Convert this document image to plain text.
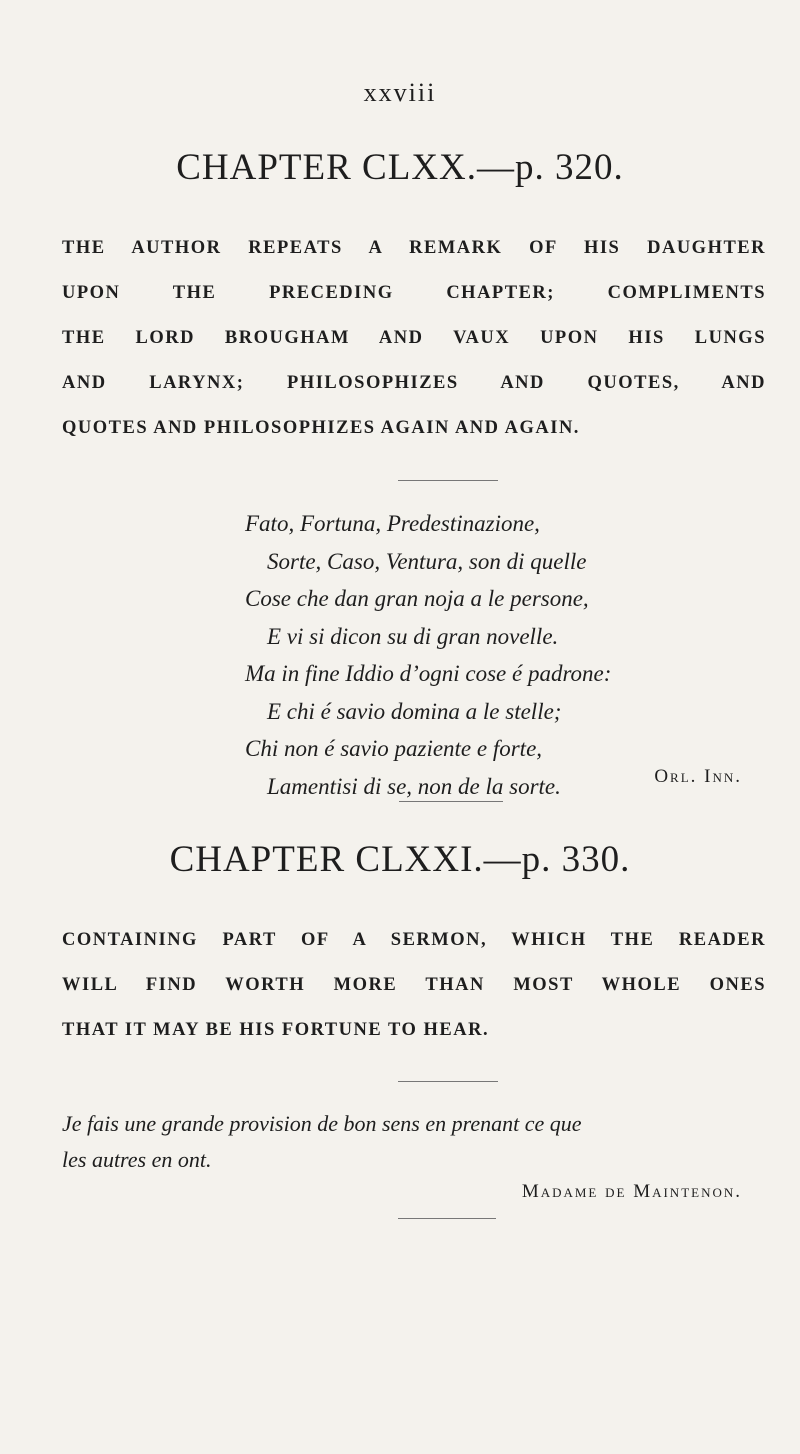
xxviii
CHAPTER CLXX.—p. 320.
THE AUTHOR REPEATS A REMARK OF HIS DAUGHTER
UPON THE PRECEDING CHAPTER; COMPLIMENTS
THE LORD BROUGHAM AND VAUX UPON HIS LUNGS
AND LARYNX; PHILOSOPHIZES AND QUOTES, AND
QUOTES AND PHILOSOPHIZES AGAIN AND AGAIN.
Fato, Fortuna, Predestinazione,
Sorte, Caso, Ventura, son di quelle
Cose che dan gran noja a le persone,
E vi si dicon su di gran novelle.
Ma in fine Iddio d’ogni cose é padrone:
E chi é savio domina a le stelle;
Chi non é savio paziente e forte,
Lamentisi di se, non de la sorte.	Orl. Inn.
CHAPTER CLXXI.—p. 330.
CONTAINING PART OF A SERMON, WHICH THE READER
WILL FIND WORTH MORE THAN MOST WHOLE ONES
THAT IT MAY BE HIS FORTUNE TO HEAR.
Je fais une grande provision de bon sens en prenant ce que
les autres en ont.
Madame de Maintenon.
